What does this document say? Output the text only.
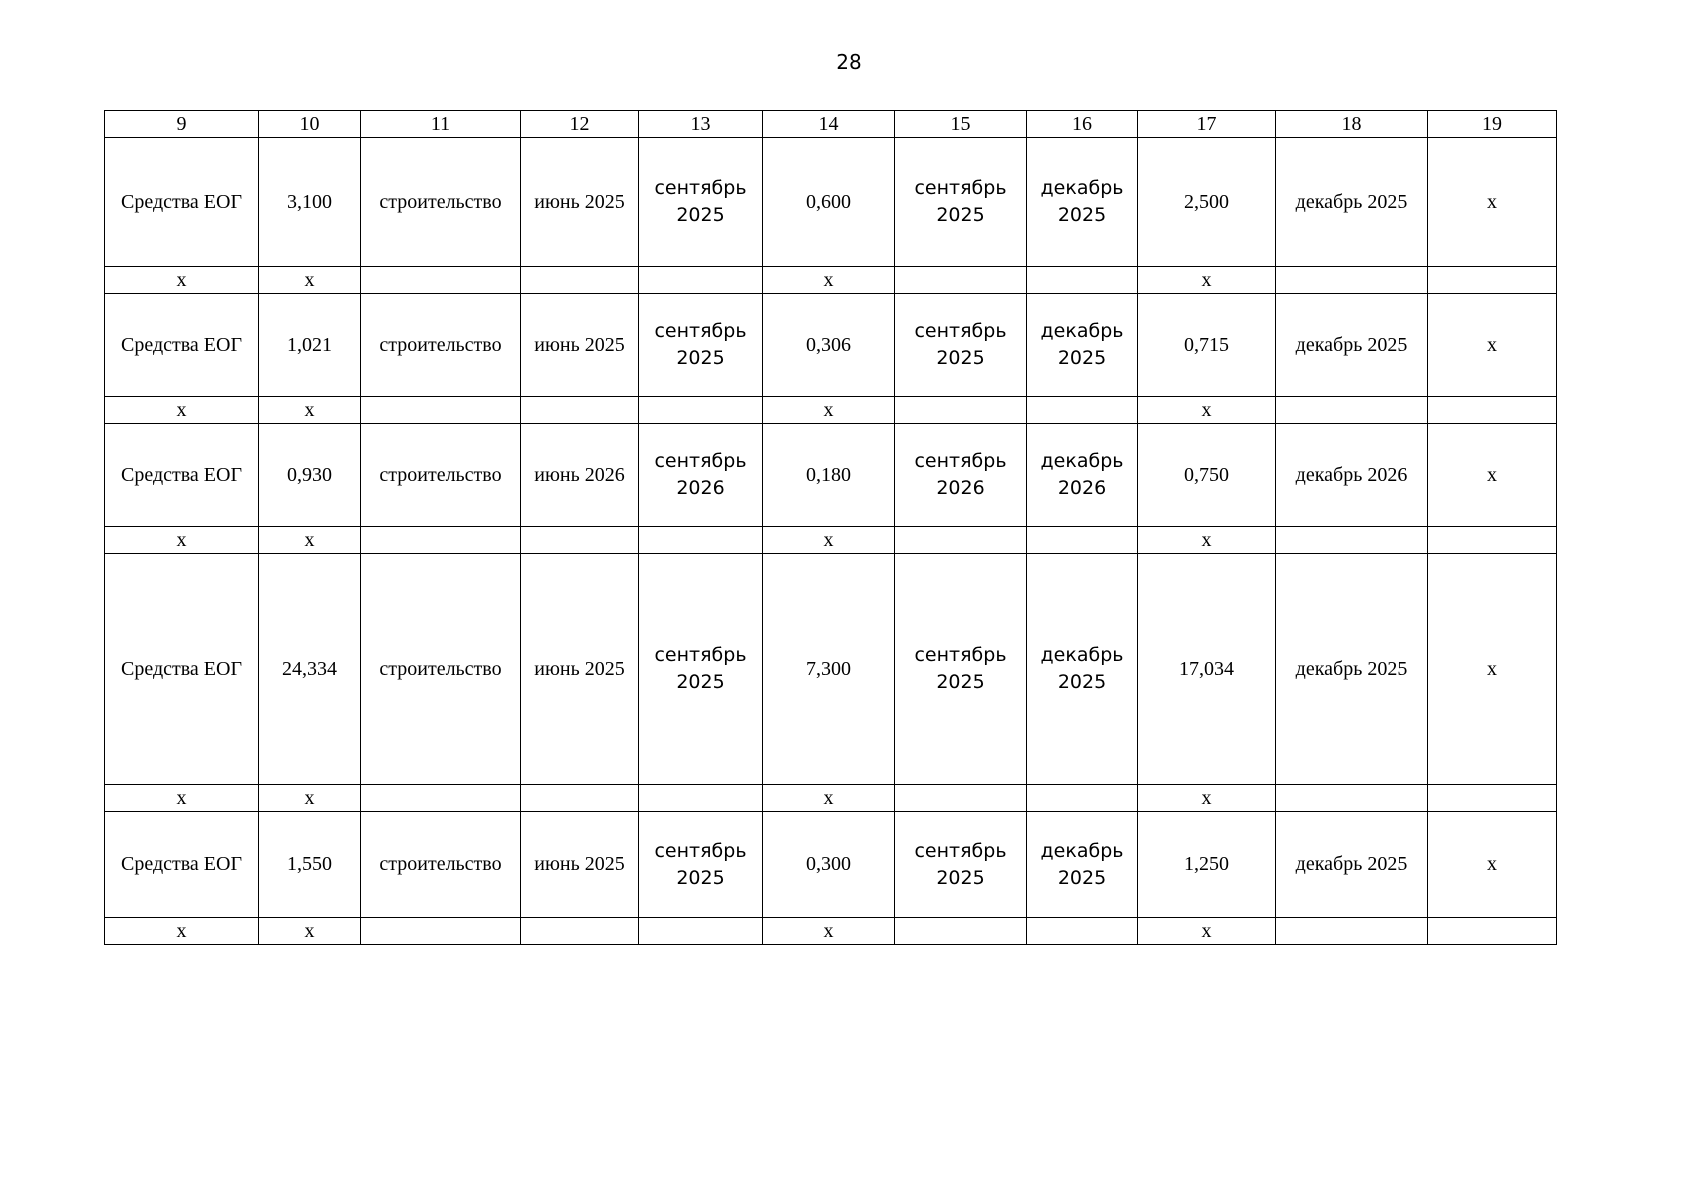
28
9	10	11	12	13	14	15	16	17	18	19
Средства ЕОГ	3,100	строительство	июнь 2025	сентябрь 2025	0,600	сентябрь 2025	декабрь 2025	2,500	декабрь 2025	х
х	х				х			х		
Средства ЕОГ	1,021	строительство	июнь 2025	сентябрь 2025	0,306	сентябрь 2025	декабрь 2025	0,715	декабрь 2025	х
х	х				х			х		
Средства ЕОГ	0,930	строительство	июнь 2026	сентябрь 2026	0,180	сентябрь 2026	декабрь 2026	0,750	декабрь 2026	х
х	х				х			х		
Средства ЕОГ	24,334	строительство	июнь 2025	сентябрь 2025	7,300	сентябрь 2025	декабрь 2025	17,034	декабрь 2025	х
х	х				х			х		
Средства ЕОГ	1,550	строительство	июнь 2025	сентябрь 2025	0,300	сентябрь 2025	декабрь 2025	1,250	декабрь 2025	х
х	х				х			х		
